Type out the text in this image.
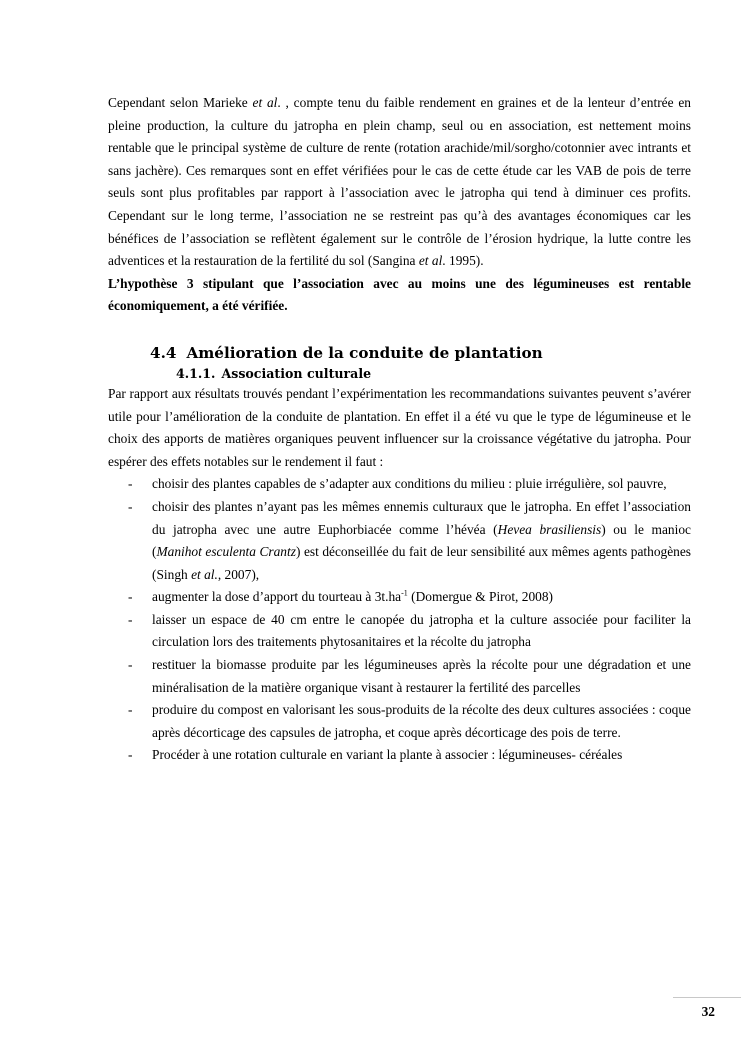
Cependant selon Marieke et al. , compte tenu du faible rendement en graines et de la lenteur d’entrée en pleine production, la culture du jatropha en plein champ, seul ou en association, est nettement moins rentable que le principal système de culture de rente (rotation arachide/mil/sorgho/cotonnier avec intrants et sans jachère). Ces remarques sont en effet vérifiées pour le cas de cette étude car les VAB de pois de terre seuls sont plus profitables par rapport à l’association avec le jatropha qui tend à diminuer ces profits. Cependant sur le long terme, l’association ne se restreint pas qu’à des avantages économiques car les bénéfices de l’association se reflètent également sur le contrôle de l’érosion hydrique, la lutte contre les adventices et la restauration de la fertilité du sol (Sangina et al. 1995).

L’hypothèse 3 stipulant que l’association avec au moins une des légumineuses est rentable économiquement, a été vérifiée.

4.4 Amélioration de la conduite de plantation
4.1.1. Association culturale

Par rapport aux résultats trouvés pendant l’expérimentation les recommandations suivantes peuvent s’avérer utile pour l’amélioration de la conduite de plantation. En effet il a été vu que le type de légumineuse et le choix des apports de matières organiques peuvent influencer sur la croissance végétative du jatropha. Pour espérer des effets notables sur le rendement il faut :

- choisir des plantes capables de s’adapter aux conditions du milieu : pluie irrégulière, sol pauvre,
- choisir des plantes n’ayant pas les mêmes ennemis culturaux que le jatropha. En effet l’association du jatropha avec une autre Euphorbiacée comme l’hévéa (Hevea brasiliensis) ou le manioc (Manihot esculenta Crantz) est déconseillée du fait de leur sensibilité aux mêmes agents pathogènes (Singh et al., 2007),
- augmenter la dose d’apport du tourteau à $3t.ha^{-1}$ (Domergue & Pirot, 2008)
- laisser un espace de 40 cm entre le canopée du jatropha et la culture associée pour faciliter la circulation lors des traitements phytosanitaires et la récolte du jatropha
- restituer la biomasse produite par les légumineuses après la récolte pour une dégradation et une minéralisation de la matière organique visant à restaurer la fertilité des parcelles
- produire du compost en valorisant les sous-produits de la récolte des deux cultures associées : coque après décorticage des capsules de jatropha, et coque après décorticage des pois de terre.
- Procéder à une rotation culturale en variant la plante à associer : légumineuses- céréales
32
